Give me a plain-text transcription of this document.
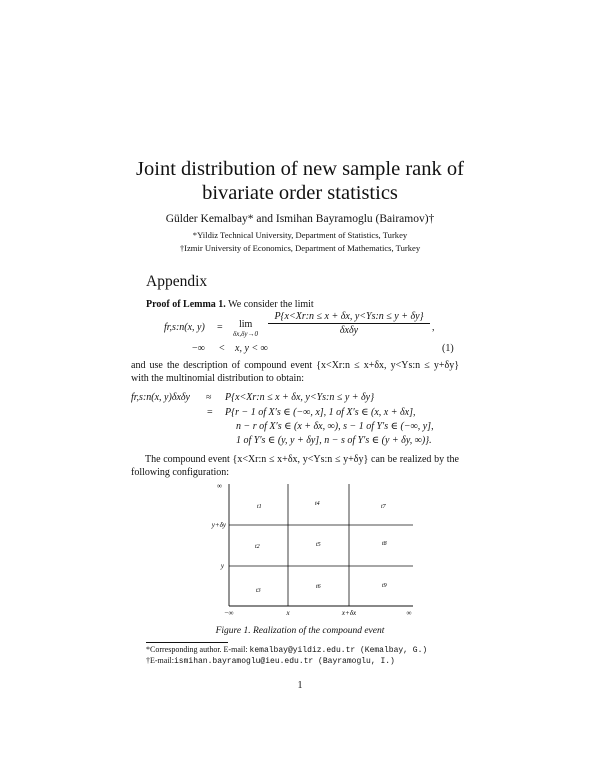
Joint distribution of new sample rank of
bivariate order statistics
Gülder Kemalbay* and Ismihan Bayramoglu (Bairamov)†
*Yildiz Technical University, Department of Statistics, Turkey
†Izmir University of Economics, Department of Mathematics, Turkey
Appendix
Proof of Lemma 1. We consider the limit
fr,s:n(x, y) = lim
δx,δy→0
P{x<Xr:n ≤ x + δx, y<Ys:n ≤ y + δy}
δxδy	,
−∞ < x, y < ∞	(1)
and use the description of compound event {x<Xr:n ≤ x+δx, y<Ys:n ≤ y+δy} with the multinomial distribution to obtain:
fr,s:n(x, y)δxδy ≈ P{x<Xr:n ≤ x + δx, y<Ys:n ≤ y + δy}
= P{r − 1 of X′s ∈ (−∞, x], 1 of X′s ∈ (x, x + δx],
n − r of X′s ∈ (x + δx, ∞), s − 1 of Y′s ∈ (−∞, y],
1 of Y′s ∈ (y, y + δy], n − s of Y′s ∈ (y + δy, ∞)}.
The compound event {x<Xr:n ≤ x+δx, y<Ys:n ≤ y+δy} can be realized by the following configuration:
∞
y+δy
y
−∞	x	x+δx	∞
t1	t4	t7
t2	t5	t8
t3
t6	t9
Figure 1. Realization of the compound event
*Corresponding author. E-mail: kemalbay@yildiz.edu.tr (Kemalbay, G.)
†E-mail:ismihan.bayramoglu@ieu.edu.tr (Bayramoglu, I.)
1
